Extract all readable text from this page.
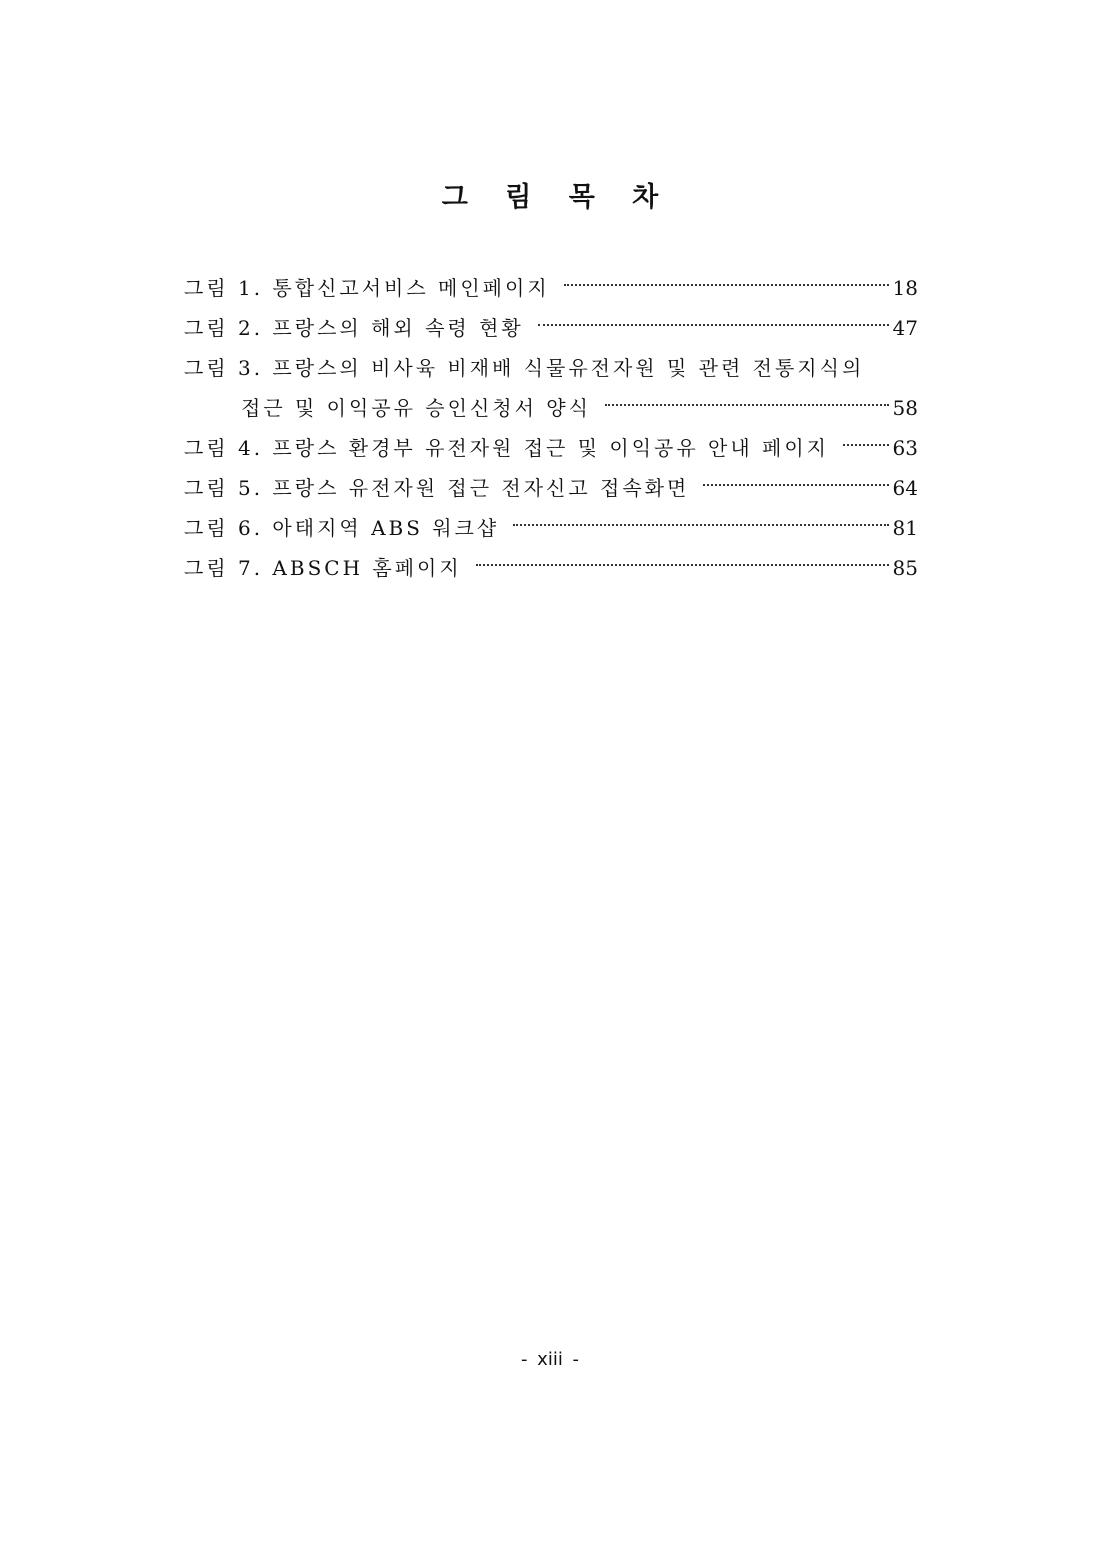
그 림 목 차
그림 1. 통합신고서비스 메인페이지	18
그림 2. 프랑스의 해외 속령 현황	47
그림 3. 프랑스의 비사육 비재배 식물유전자원 및 관련 전통지식의
접근 및 이익공유 승인신청서 양식	58
그림 4. 프랑스 환경부 유전자원 접근 및 이익공유 안내 페이지	63
그림 5. 프랑스 유전자원 접근 전자신고 접속화면	64
그림 6. 아태지역 ABS 워크샵	81
그림 7. ABSCH 홈페이지	85
- xiii -
